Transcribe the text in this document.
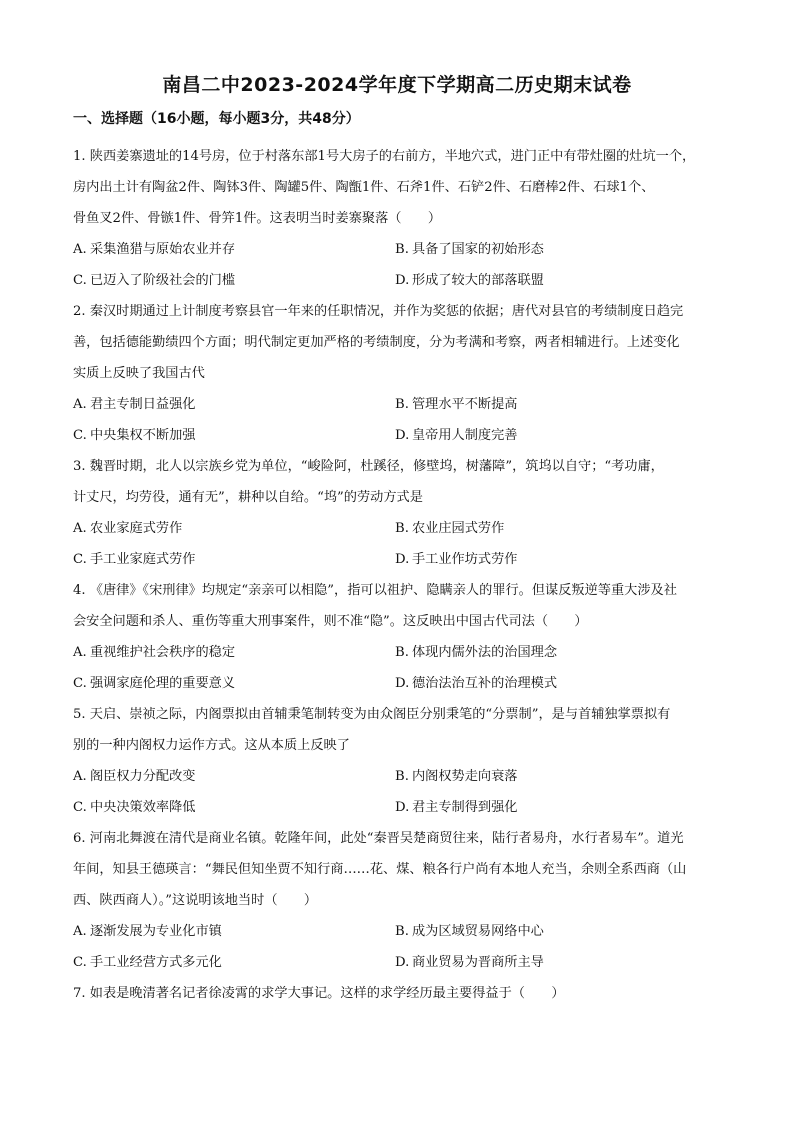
南昌二中2023-2024学年度下学期高二历史期末试卷
一、选择题（16小题，每小题3分，共48分）
1. 陕西姜寨遗址的14号房，位于村落东部1号大房子的右前方，半地穴式，进门正中有带灶圈的灶坑一个，
房内出土计有陶盆2件、陶钵3件、陶罐5件、陶甑1件、石斧1件、石铲2件、石磨棒2件、石球1个、
骨鱼叉2件、骨镞1件、骨笄1件。这表明当时姜寨聚落（　　）
A. 采集渔猎与原始农业并存	B. 具备了国家的初始形态
C. 已迈入了阶级社会的门槛	D. 形成了较大的部落联盟
2. 秦汉时期通过上计制度考察县官一年来的任职情况，并作为奖惩的依据；唐代对县官的考绩制度日趋完
善，包括德能勤绩四个方面；明代制定更加严格的考绩制度，分为考满和考察，两者相辅进行。上述变化
实质上反映了我国古代
A. 君主专制日益强化	B. 管理水平不断提高
C. 中央集权不断加强	D. 皇帝用人制度完善
3. 魏晋时期，北人以宗族乡党为单位，“峻险阿，杜蹊径，修壁坞，树藩障”，筑坞以自守；“考功庸，
计丈尺，均劳役，通有无”，耕种以自给。“坞”的劳动方式是
A. 农业家庭式劳作	B. 农业庄园式劳作
C. 手工业家庭式劳作	D. 手工业作坊式劳作
4. 《唐律》《宋刑律》均规定“亲亲可以相隐”，指可以祖护、隐瞒亲人的罪行。但谋反叛逆等重大涉及社
会安全问题和杀人、重伤等重大刑事案件，则不准“隐”。这反映出中国古代司法（　　）
A. 重视维护社会秩序的稳定	B. 体现内儒外法的治国理念
C. 强调家庭伦理的重要意义	D. 德治法治互补的治理模式
5. 天启、崇祯之际，内阁票拟由首辅秉笔制转变为由众阁臣分别秉笔的“分票制”，是与首辅独掌票拟有
别的一种内阁权力运作方式。这从本质上反映了
A. 阁臣权力分配改变	B. 内阁权势走向衰落
C. 中央决策效率降低	D. 君主专制得到强化
6. 河南北舞渡在清代是商业名镇。乾隆年间，此处“秦晋吴楚商贸往来，陆行者易舟，水行者易车”。道光
年间，知县王德瑛言：“舞民但知坐贾不知行商……花、煤、粮各行户尚有本地人充当，余则全系西商（山
西、陕西商人）。”这说明该地当时（　　）
A. 逐渐发展为专业化市镇	B. 成为区域贸易网络中心
C. 手工业经营方式多元化	D. 商业贸易为晋商所主导
7. 如表是晚清著名记者徐凌霄的求学大事记。这样的求学经历最主要得益于（　　）
